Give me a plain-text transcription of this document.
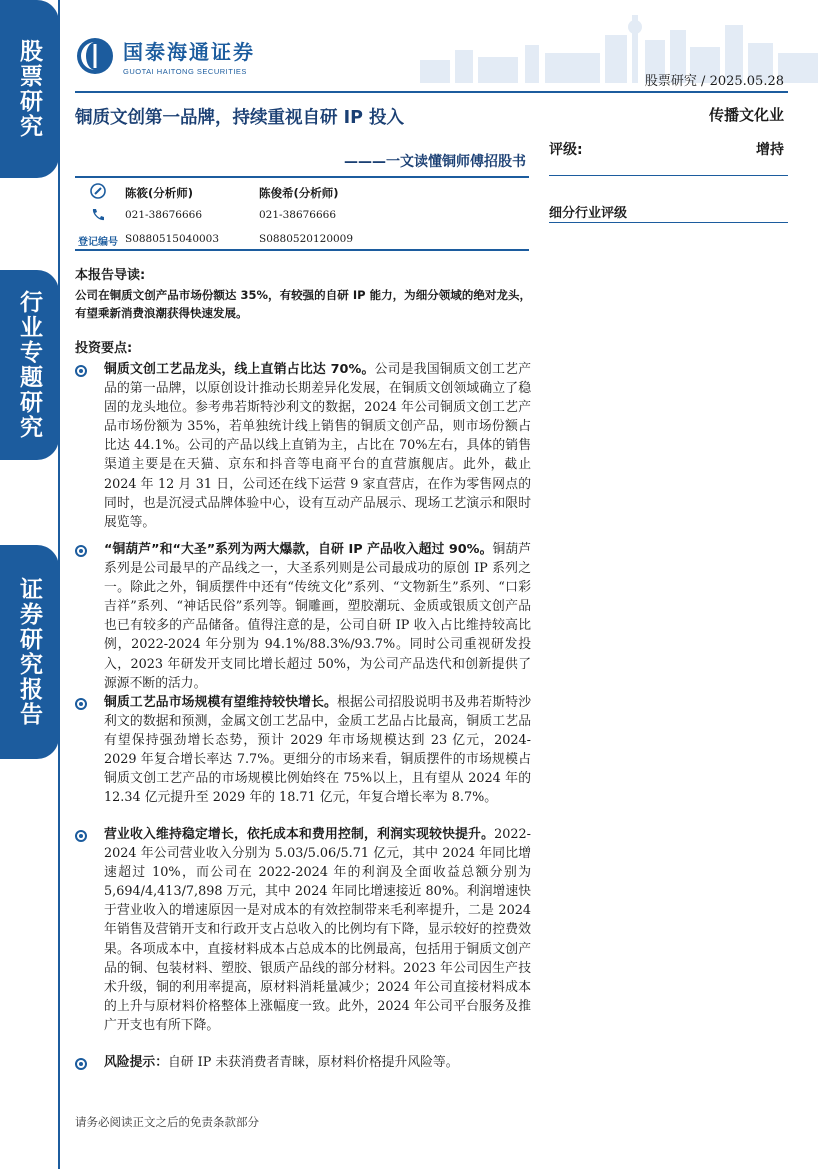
股票研究
行业专题研究
证券研究报告
国泰海通证券
GUOTAI HAITONG SECURITIES
股票研究 / 2025.05.28
铜质文创第一品牌，持续重视自研 IP 投入	传播文化业
———一文读懂铜师傅招股书
评级:	增持
细分行业评级
陈筱(分析师)
021-38676666
S0880515040003
陈俊希(分析师)
021-38676666
S0880520120009
登记编号
本报告导读:
公司在铜质文创产品市场份额达 35%，有较强的自研 IP 能力，为细分领域的绝对龙头，有望乘新消费浪潮获得快速发展。
投资要点:
铜质文创工艺品龙头，线上直销占比达 70%。公司是我国铜质文创工艺产品的第一品牌，以原创设计推动长期差异化发展，在铜质文创领域确立了稳固的龙头地位。参考弗若斯特沙利文的数据，2024 年公司铜质文创工艺产品市场份额为 35%，若单独统计线上销售的铜质文创产品，则市场份额占比达 44.1%。公司的产品以线上直销为主，占比在 70%左右，具体的销售渠道主要是在天猫、京东和抖音等电商平台的直营旗舰店。此外，截止 2024 年 12 月 31 日，公司还在线下运营 9 家直营店，在作为零售网点的同时，也是沉浸式品牌体验中心，设有互动产品展示、现场工艺演示和限时展览等。
“铜葫芦”和“大圣”系列为两大爆款，自研 IP 产品收入超过 90%。铜葫芦系列是公司最早的产品线之一，大圣系列则是公司最成功的原创 IP 系列之一。除此之外，铜质摆件中还有“传统文化”系列、“文物新生”系列、“口彩吉祥”系列、“神话民俗”系列等。铜雕画，塑胶潮玩、金质或银质文创产品也已有较多的产品储备。值得注意的是，公司自研 IP 收入占比维持较高比例，2022-2024 年分别为 94.1%/88.3%/93.7%。同时公司重视研发投入，2023 年研发开支同比增长超过 50%，为公司产品迭代和创新提供了源源不断的活力。
铜质工艺品市场规模有望维持较快增长。根据公司招股说明书及弗若斯特沙利文的数据和预测，金属文创工艺品中，金质工艺品占比最高，铜质工艺品有望保持强劲增长态势，预计 2029 年市场规模达到 23 亿元，2024-2029 年复合增长率达 7.7%。更细分的市场来看，铜质摆件的市场规模占铜质文创工艺产品的市场规模比例始终在 75%以上，且有望从 2024 年的 12.34 亿元提升至 2029 年的 18.71 亿元，年复合增长率为 8.7%。
营业收入维持稳定增长，依托成本和费用控制，利润实现较快提升。2022-2024 年公司营业收入分别为 5.03/5.06/5.71 亿元，其中 2024 年同比增速超过 10%，而公司在 2022-2024 年的利润及全面收益总额分别为 5,694/4,413/7,898 万元，其中 2024 年同比增速接近 80%。利润增速快于营业收入的增速原因一是对成本的有效控制带来毛利率提升，二是 2024 年销售及营销开支和行政开支占总收入的比例均有下降，显示较好的控费效果。各项成本中，直接材料成本占总成本的比例最高，包括用于铜质文创产品的铜、包装材料、塑胶、银质产品线的部分材料。2023 年公司因生产技术升级，铜的利用率提高，原材料消耗量减少；2024 年公司直接材料成本的上升与原材料价格整体上涨幅度一致。此外，2024 年公司平台服务及推广开支也有所下降。
风险提示：自研 IP 未获消费者青睐，原材料价格提升风险等。
请务必阅读正文之后的免责条款部分
